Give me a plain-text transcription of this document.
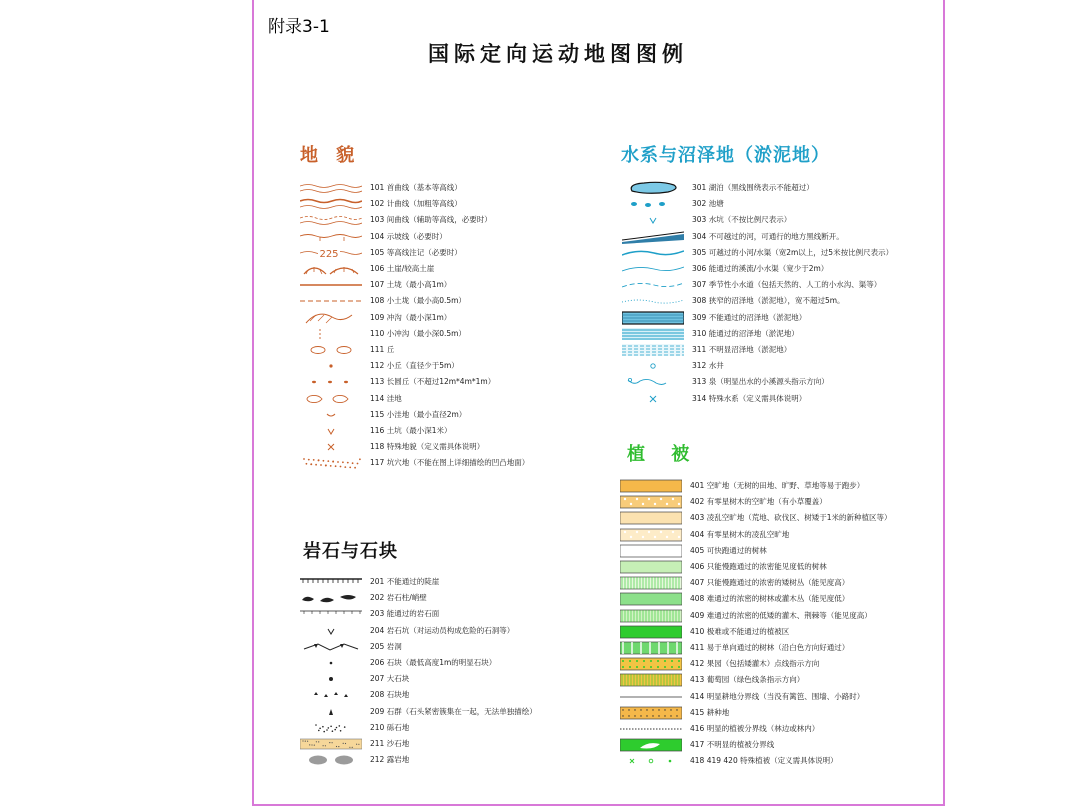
附录3-1
国际定向运动地图图例
地 貌	水系与沼泽地（淤泥地）
植 被
岩石与石块
101 首曲线（基本等高线）
102 计曲线（加粗等高线）
103 间曲线（辅助等高线，必要时）
104 示坡线（必要时）
225	105 等高线注记（必要时）
106 土崖/较高土崖
107 土垅（最小高1m）
108 小土垅（最小高0.5m）
109 冲沟（最小深1m）
110 小冲沟（最小深0.5m）
111 丘
112 小丘（直径少于5m）
113 长圆丘（不超过12m*4m*1m）
114 洼地
115 小洼地（最小直径2m）
116 土坑（最小深1米）
118 特殊地貌（定义需具体说明）
117 坑穴地（不能在图上详细描绘的凹凸地面）
201 不能通过的陡崖
202 岩石柱/峭壁
203 能通过的岩石面
204 岩石坑（对运动员构成危险的石洞等）
205 岩洞
206 石块（最低高度1m的明显石块）
207 大石块
208 石块地
209 石群（石头紧密簇集在一起，无法单独描绘）
210 砾石地
211 沙石地
212 露岩地
301 湖泊（黑线围绕表示不能超过）
302 池塘
303 水坑（不按比例尺表示）
304 不可越过的河，可通行的地方黑线断开。
305 可越过的小河/水渠（宽2m以上，过5米按比例尺表示）
306 能通过的溪流/小水渠（宽少于2m）
307 季节性小水道（包括天然的、人工的小水沟、渠等）
308 狭窄的沼泽地（淤泥地），宽不超过5m。
309 不能通过的沼泽地（淤泥地）
310 能通过的沼泽地（淤泥地）
311 不明显沼泽地（淤泥地）
312 水井
313 泉（明显出水的小溪源头指示方向）
314 特殊水系（定义需具体说明）
401 空旷地（无树的田地、旷野、草地等易于跑步）
402 有零星树木的空旷地（有小草覆盖）
403 凌乱空旷地（荒地、砍伐区、树矮于1米的新种植区等）
404 有零星树木的凌乱空旷地
405 可快跑通过的树林
406 只能慢跑通过的浓密能见度低的树林
407 只能慢跑通过的浓密的矮树丛（能见度高）
408 难通过的浓密的树林或灌木丛（能见度低）
409 难通过的浓密的低矮的灌木、荆棘等（能见度高）
410 极难或不能通过的植被区
411 易于单向通过的树林（沿白色方向好通过）
412 果园（包括矮灌木）点线指示方向
413 葡萄园（绿色线条指示方向）
414 明显耕地分界线（当没有篱笆、围墙、小路时）
415 耕种地
416 明显的植被分界线（林边或林内）
417 不明显的植被分界线
418 419 420 特殊植被（定义需具体说明）
